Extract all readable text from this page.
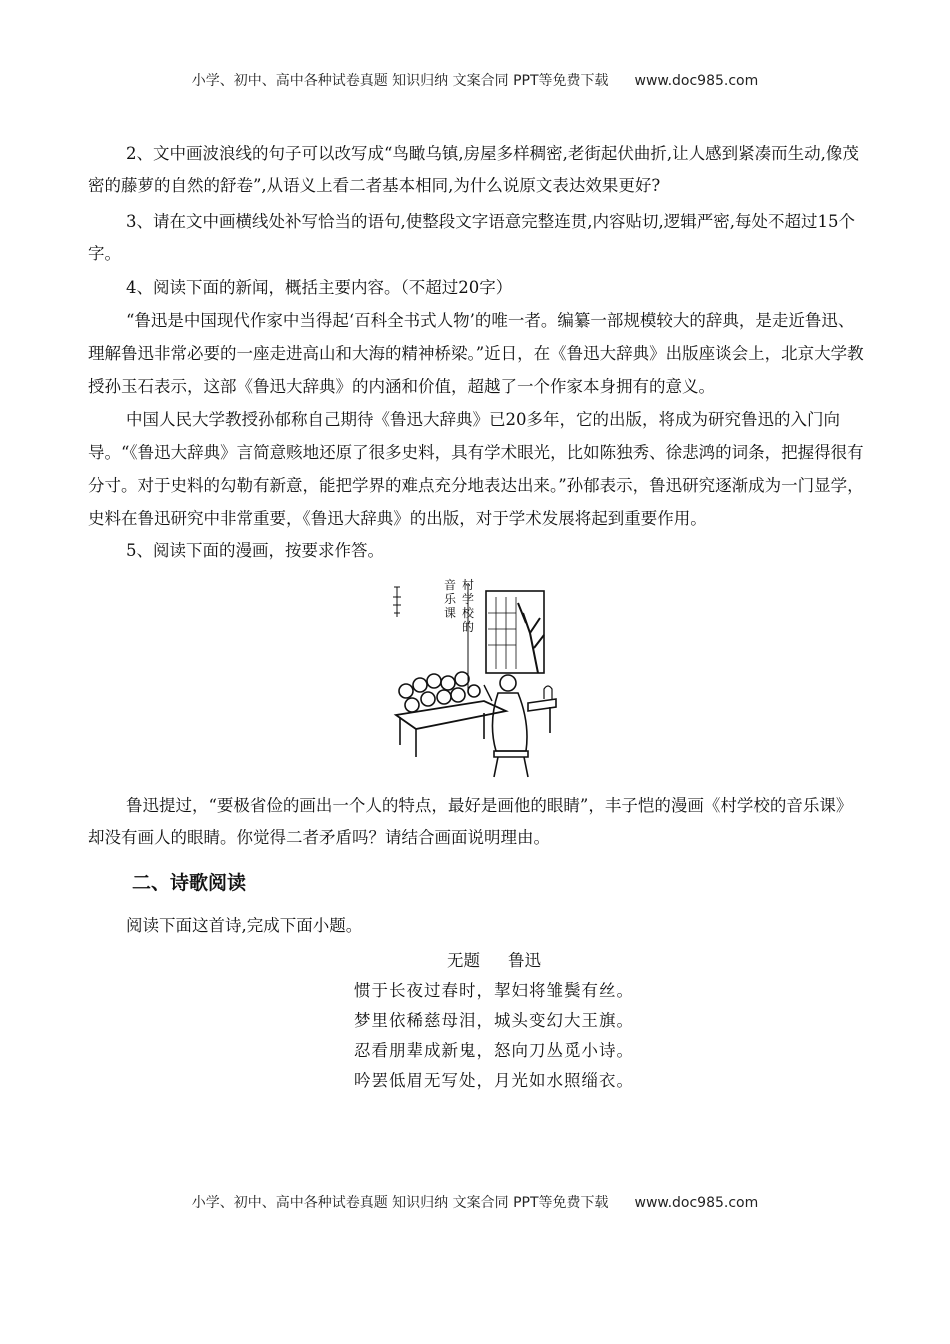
小学、初中、高中各种试卷真题 知识归纳 文案合同 PPT等免费下载 www.doc985.com

2、文中画波浪线的句子可以改写成“鸟瞰乌镇,房屋多样稠密,老街起伏曲折,让人感到紧凑而生动,像茂密的藤萝的自然的舒卷”,从语义上看二者基本相同,为什么说原文表达效果更好?

3、请在文中画横线处补写恰当的语句,使整段文字语意完整连贯,内容贴切,逻辑严密,每处不超过15个字。

4、阅读下面的新闻，概括主要内容。（不超过20字）

“鲁迅是中国现代作家中当得起‘百科全书式人物’的唯一者。编纂一部规模较大的辞典，是走近鲁迅、理解鲁迅非常必要的一座走进高山和大海的精神桥梁。”近日，在《鲁迅大辞典》出版座谈会上，北京大学教授孙玉石表示，这部《鲁迅大辞典》的内涵和价值，超越了一个作家本身拥有的意义。

中国人民大学教授孙郁称自己期待《鲁迅大辞典》已20多年，它的出版，将成为研究鲁迅的入门向导。“《鲁迅大辞典》言简意赅地还原了很多史料，具有学术眼光，比如陈独秀、徐悲鸿的词条，把握得很有分寸。对于史料的勾勒有新意，能把学界的难点充分地表达出来。”孙郁表示，鲁迅研究逐渐成为一门显学，史料在鲁迅研究中非常重要，《鲁迅大辞典》的出版，对于学术发展将起到重要作用。

5、阅读下面的漫画，按要求作答。

村
学
校
的
音
乐
课

鲁迅提过，“要极省俭的画出一个人的特点，最好是画他的眼睛”，丰子恺的漫画《村学校的音乐课》却没有画人的眼睛。你觉得二者矛盾吗？请结合画面说明理由。

二、诗歌阅读

阅读下面这首诗,完成下面小题。

无题 鲁迅
惯于长夜过春时，挈妇将雏鬓有丝。
梦里依稀慈母泪，城头变幻大王旗。
忍看朋辈成新鬼，怒向刀丛觅小诗。
吟罢低眉无写处，月光如水照缁衣。
小学、初中、高中各种试卷真题 知识归纳 文案合同 PPT等免费下载 www.doc985.com
